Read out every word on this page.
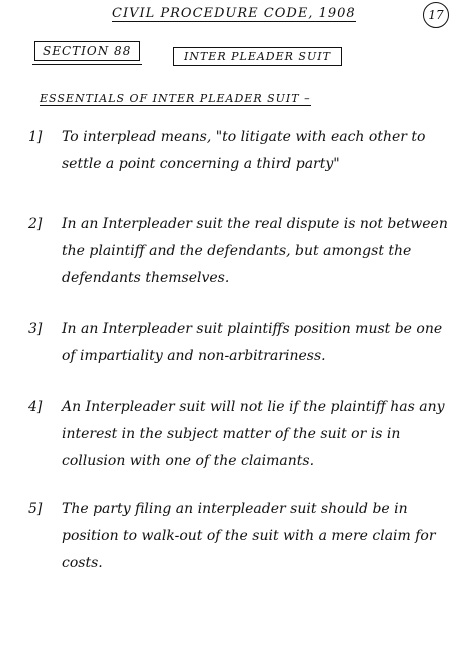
CIVIL PROCEDURE CODE, 1908	17
SECTION 88	INTER PLEADER SUIT
ESSENTIALS OF INTER PLEADER SUIT –
1]	To interplead means, "to litigate with each other to settle a point concerning a third party"
2]	In an Interpleader suit the real dispute is not between the plaintiff and the defendants, but amongst the defendants themselves.
3]	In an Interpleader suit plaintiffs position must be one of impartiality and non-arbitrariness.
4]	An Interpleader suit will not lie if the plaintiff has any interest in the subject matter of the suit or is in collusion with one of the claimants.
5]	The party filing an interpleader suit should be in position to walk-out of the suit with a mere claim for costs.
